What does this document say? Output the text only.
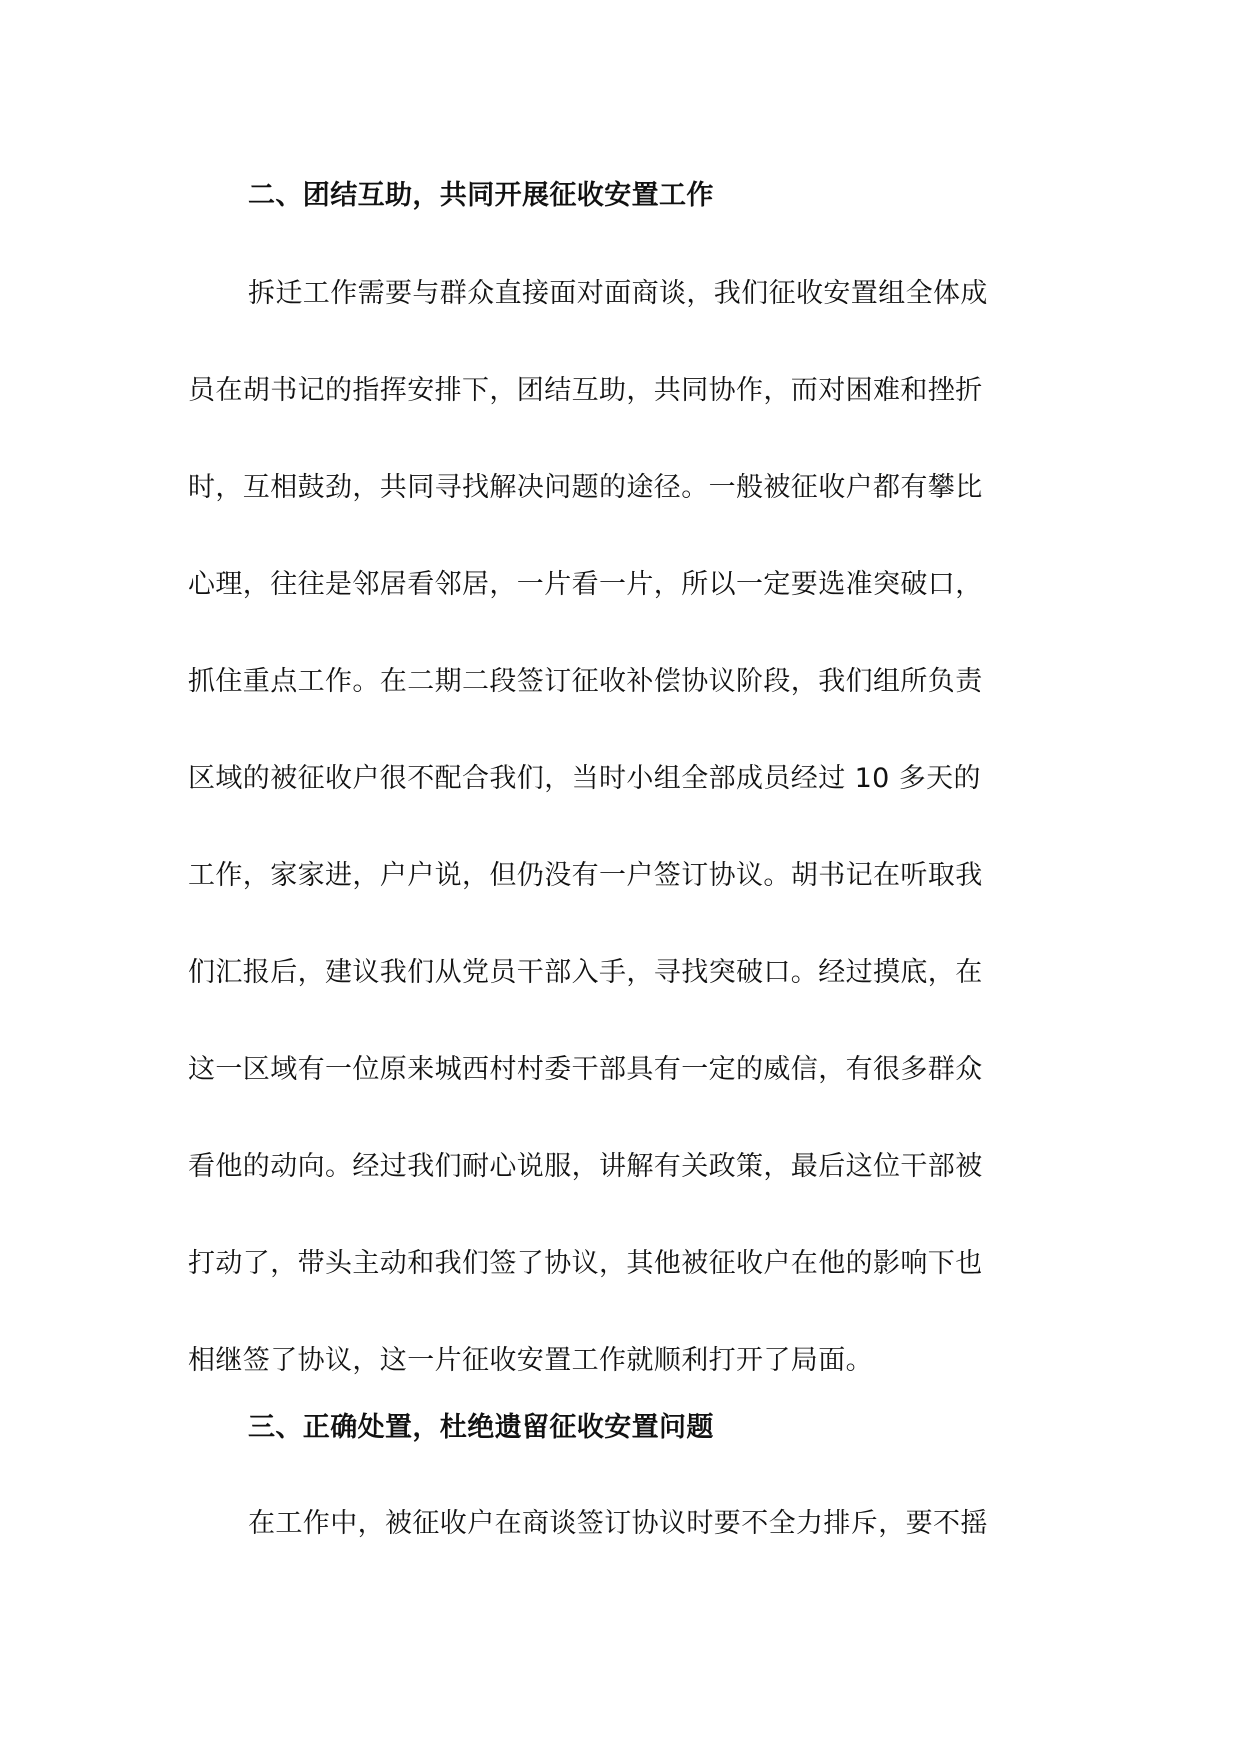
二、团结互助，共同开展征收安置工作
拆迁工作需要与群众直接面对面商谈，我们征收安置组全体成
员在胡书记的指挥安排下，团结互助，共同协作，而对困难和挫折
时，互相鼓劲，共同寻找解决问题的途径。一般被征收户都有攀比
心理，往往是邻居看邻居，一片看一片，所以一定要选准突破口，
抓住重点工作。在二期二段签订征收补偿协议阶段，我们组所负责
区域的被征收户很不配合我们，当时小组全部成员经过 10 多天的
工作，家家进，户户说，但仍没有一户签订协议。胡书记在听取我
们汇报后，建议我们从党员干部入手，寻找突破口。经过摸底，在
这一区域有一位原来城西村村委干部具有一定的威信，有很多群众
看他的动向。经过我们耐心说服，讲解有关政策，最后这位干部被
打动了，带头主动和我们签了协议，其他被征收户在他的影响下也
相继签了协议，这一片征收安置工作就顺利打开了局面。
三、正确处置，杜绝遗留征收安置问题
在工作中，被征收户在商谈签订协议时要不全力排斥，要不摇
